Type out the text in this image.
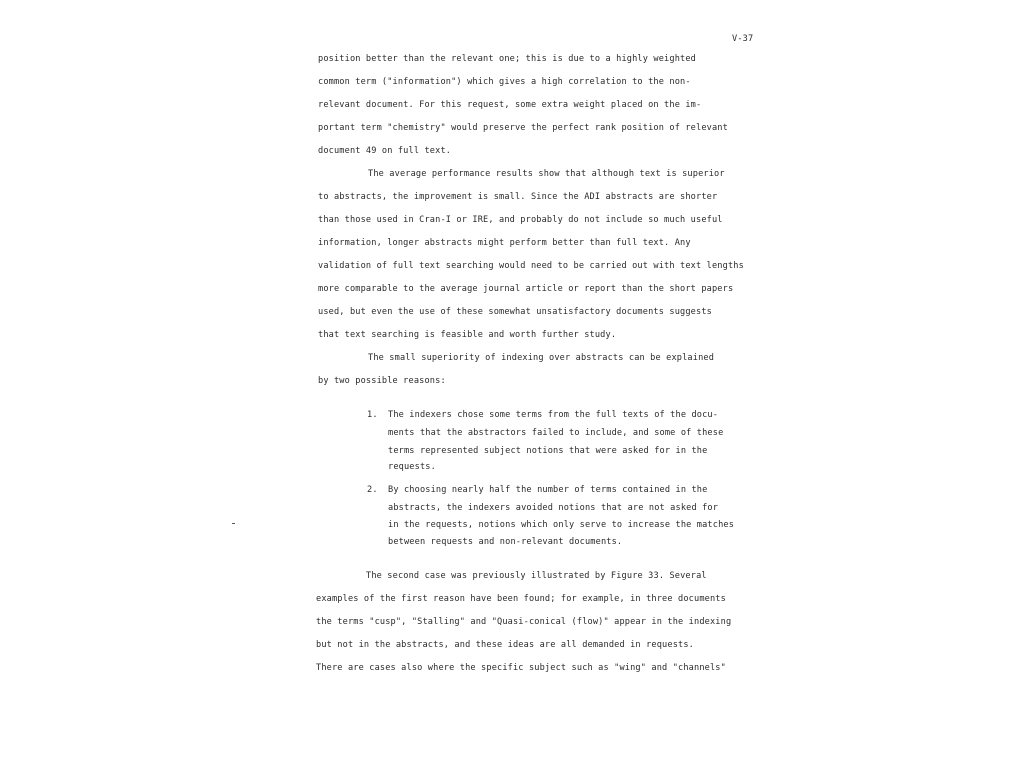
V-37
position better than the relevant one; this is due to a highly weighted
common term ("information") which gives a high correlation to the non-
relevant document. For this request, some extra weight placed on the im-
portant term "chemistry" would preserve the perfect rank position of relevant
document 49 on full text.
The average performance results show that although text is superior
to abstracts, the improvement is small. Since the ADI abstracts are shorter
than those used in Cran-I or IRE, and probably do not include so much useful
information, longer abstracts might perform better than full text. Any
validation of full text searching would need to be carried out with text lengths
more comparable to the average journal article or report than the short papers
used, but even the use of these somewhat unsatisfactory documents suggests
that text searching is feasible and worth further study.
The small superiority of indexing over abstracts can be explained
by two possible reasons:
1. The indexers chose some terms from the full texts of the docu-
ments that the abstractors failed to include, and some of these
terms represented subject notions that were asked for in the
requests.
2. By choosing nearly half the number of terms contained in the
abstracts, the indexers avoided notions that are not asked for
in the requests, notions which only serve to increase the matches
between requests and non-relevant documents.
The second case was previously illustrated by Figure 33. Several
examples of the first reason have been found; for example, in three documents
the terms "cusp", "Stalling" and "Quasi-conical (flow)" appear in the indexing
but not in the abstracts, and these ideas are all demanded in requests.
There are cases also where the specific subject such as "wing" and "channels"
